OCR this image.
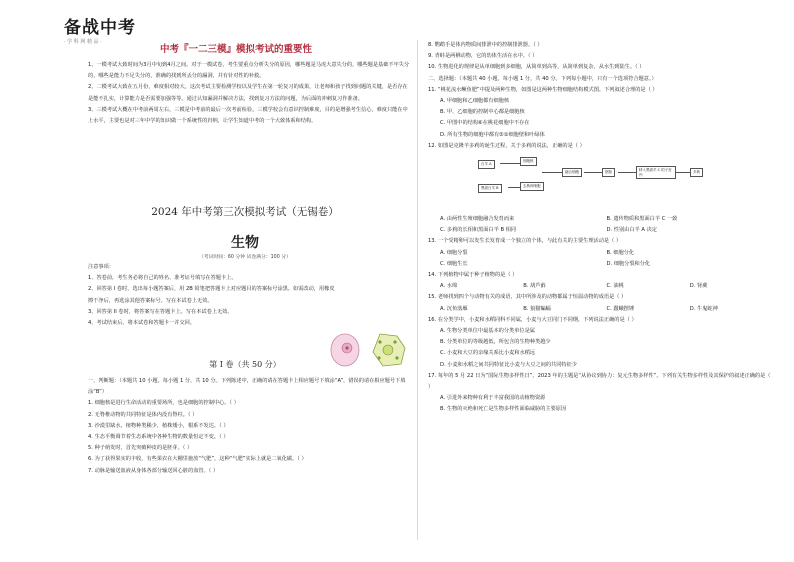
备战中考
· 学 科 网 精 品 ·
中考『一二三模』模拟考试的重要性

1、一模考试大致时间为3月中旬到4月之间。对于一模试卷，考生要重点分析失分的原因，哪些题是马虎大意失分的，哪些题是基础不牢失分的，哪些是能力不足失分的，准确的找到所丢分的漏洞，并有针对性的补救。

2、二模考试大致在五月份，难度相对较大。这次考试主要检测学校以及学生在第一轮复习的成果，让老师和孩子找到问题的关键，是否存在是能不扎实，计算能力是否需要加强等等。通过认知漏洞并解决方法，找到复习方法的问题，为后面的冲刺复习作准备。

3、三模考试大概在中考前两周左右，三模是中考前的最后一次考前检验。三模学校会有意识控制难度，目的是增强考生信心，难度只能在中上水平，主要也是对三年中学的知识做一个系统性的归纳，让学生知道中考的一个大致体系和结构。

2024 年中考第三次模拟考试（无锡卷）
生物
（考试时间：60 分钟 试卷满分：100 分）

注意事项：

1、答卷前，考生务必将自己的姓名、准考证号填写在答题卡上。

2、回答第 I 卷时，选出每小题答案后，用 2B 铅笔把答题卡上对应题目的答案标号涂黑。如需改动，用橡皮擦干净后，再选涂其他答案标号。写在本试卷上无效。

3、回答第 II 卷时，将答案写在答题卡上。写在本试卷上无效。

4、考试结束后，将本试卷和答题卡一并交回。

第 I 卷（共 50 分）

一、判断题：（本题共 10 小题，每小题 1 分，共 10 分。下列陈述中，正确的请在答题卡上相应题号下填涂“A”，错误的请在相应题号下填涂“B”）

1. 细胞核是进行生命活动的重要场所，也是细胞的控制中心。（ ）

2. 无脊椎动物的共同特征是体内没有脊柱。（ ）

3. 沙漠里缺水，植物种类稀少，植株矮小，根系不发达。（ ）

4. 生态平衡调节着生态系统中各种生物的数量恒定不变。（ ）

5. 种子萌发时，首先突破种皮的是胚芽。（ ）

6. 为了获得果实的丰收，有些果农在大棚里施放“气肥”，这种“气肥”实际上就是二氧化碳。（ ）

7. 动脉是输送血液从身体各部分输送回心脏的血管。（ ）

8. 鹦鹉手是体内物质间排泄中的控制排泄器。（ ）

9. 青蛙是两栖动物，它的幼体生活在水中。（ ）

10. 生物进化的规律是从单细胞到多细胞，从简单到高等，从简单到复杂，从水生到陆生。（ ）

二、选择题：（本题共 40 小题，每小题 1 分，共 40 分。下列每小题中，只有一个选项符合题意。）

11. “桃花流水鳜鱼肥”中提及两种生物，如图是这两种生物细胞结构模式图。下列叙述合理的是（ ）

A. 甲细胞和乙细胞都有细胞核

B. 甲、乙细胞的控制中心都是细胞核

C. 甲图中的结构⑥在桃花细胞中不存在

D. 所有生物的细胞中都有⑤①细胞壁和叶绿体

12. 如图是克隆羊多莉的诞生过程，关于多莉的说法，正确的是（ ）

白羊 A
黑面白羊 B
细胞核
去核卵细胞
融合细胞	胚胎	移入黑面羊 C 的子宫内
多莉
A. 由两性生殖细胞融合发育而来	B. 遗传物质和黑面白羊 C 一致
C. 多莉的长相和黑面白羊 B 相同	D. 性别由白羊 A 决定

13. 一个受精卵可以发生长发育成一个独立的个体，与此有关的主要生理活动是（ ）

A. 细胞分裂	B. 细胞分化
C. 细胞生长	D. 细胞分裂和分化

14. 下列植物中属于种子植物的是（ ）

A. 水绵	B. 葫芦藓	C. 油桃	D. 肾蕨

15. 老师找到四个与动物有关的成语，其中所涉及的动物都属于恒温动物的成语是（ ）

A. 沉鱼落雁	B. 狼猫蝙蝠	C. 蠢蛾摆锤	D. 牛鬼蛇神

16. 在分类学中，小麦和水稻同科不同属，小麦与大豆同门不同纲，下列说法正确的是（ ）

A. 生物分类单位中最基本的分类单位是属

B. 分类单位的等级越低，所包含的生物种类越少

C. 小麦和大豆的亲缘关系比小麦和水稻远

D. 小麦和水稻之间共同特征比小麦与大豆之间的共同特征少

17. 每年的 5 月 22 日为“国际生物多样性日”，2023 年的主题是“从协议到协力：复元生物多样性”。下列有关生物多样性及其保护的叙述正确的是（ ）

A. 引进外来物种有利于丰富我国的动植物资源

B. 生物的灭绝和死亡是生物多样性面临威胁的主要原因
